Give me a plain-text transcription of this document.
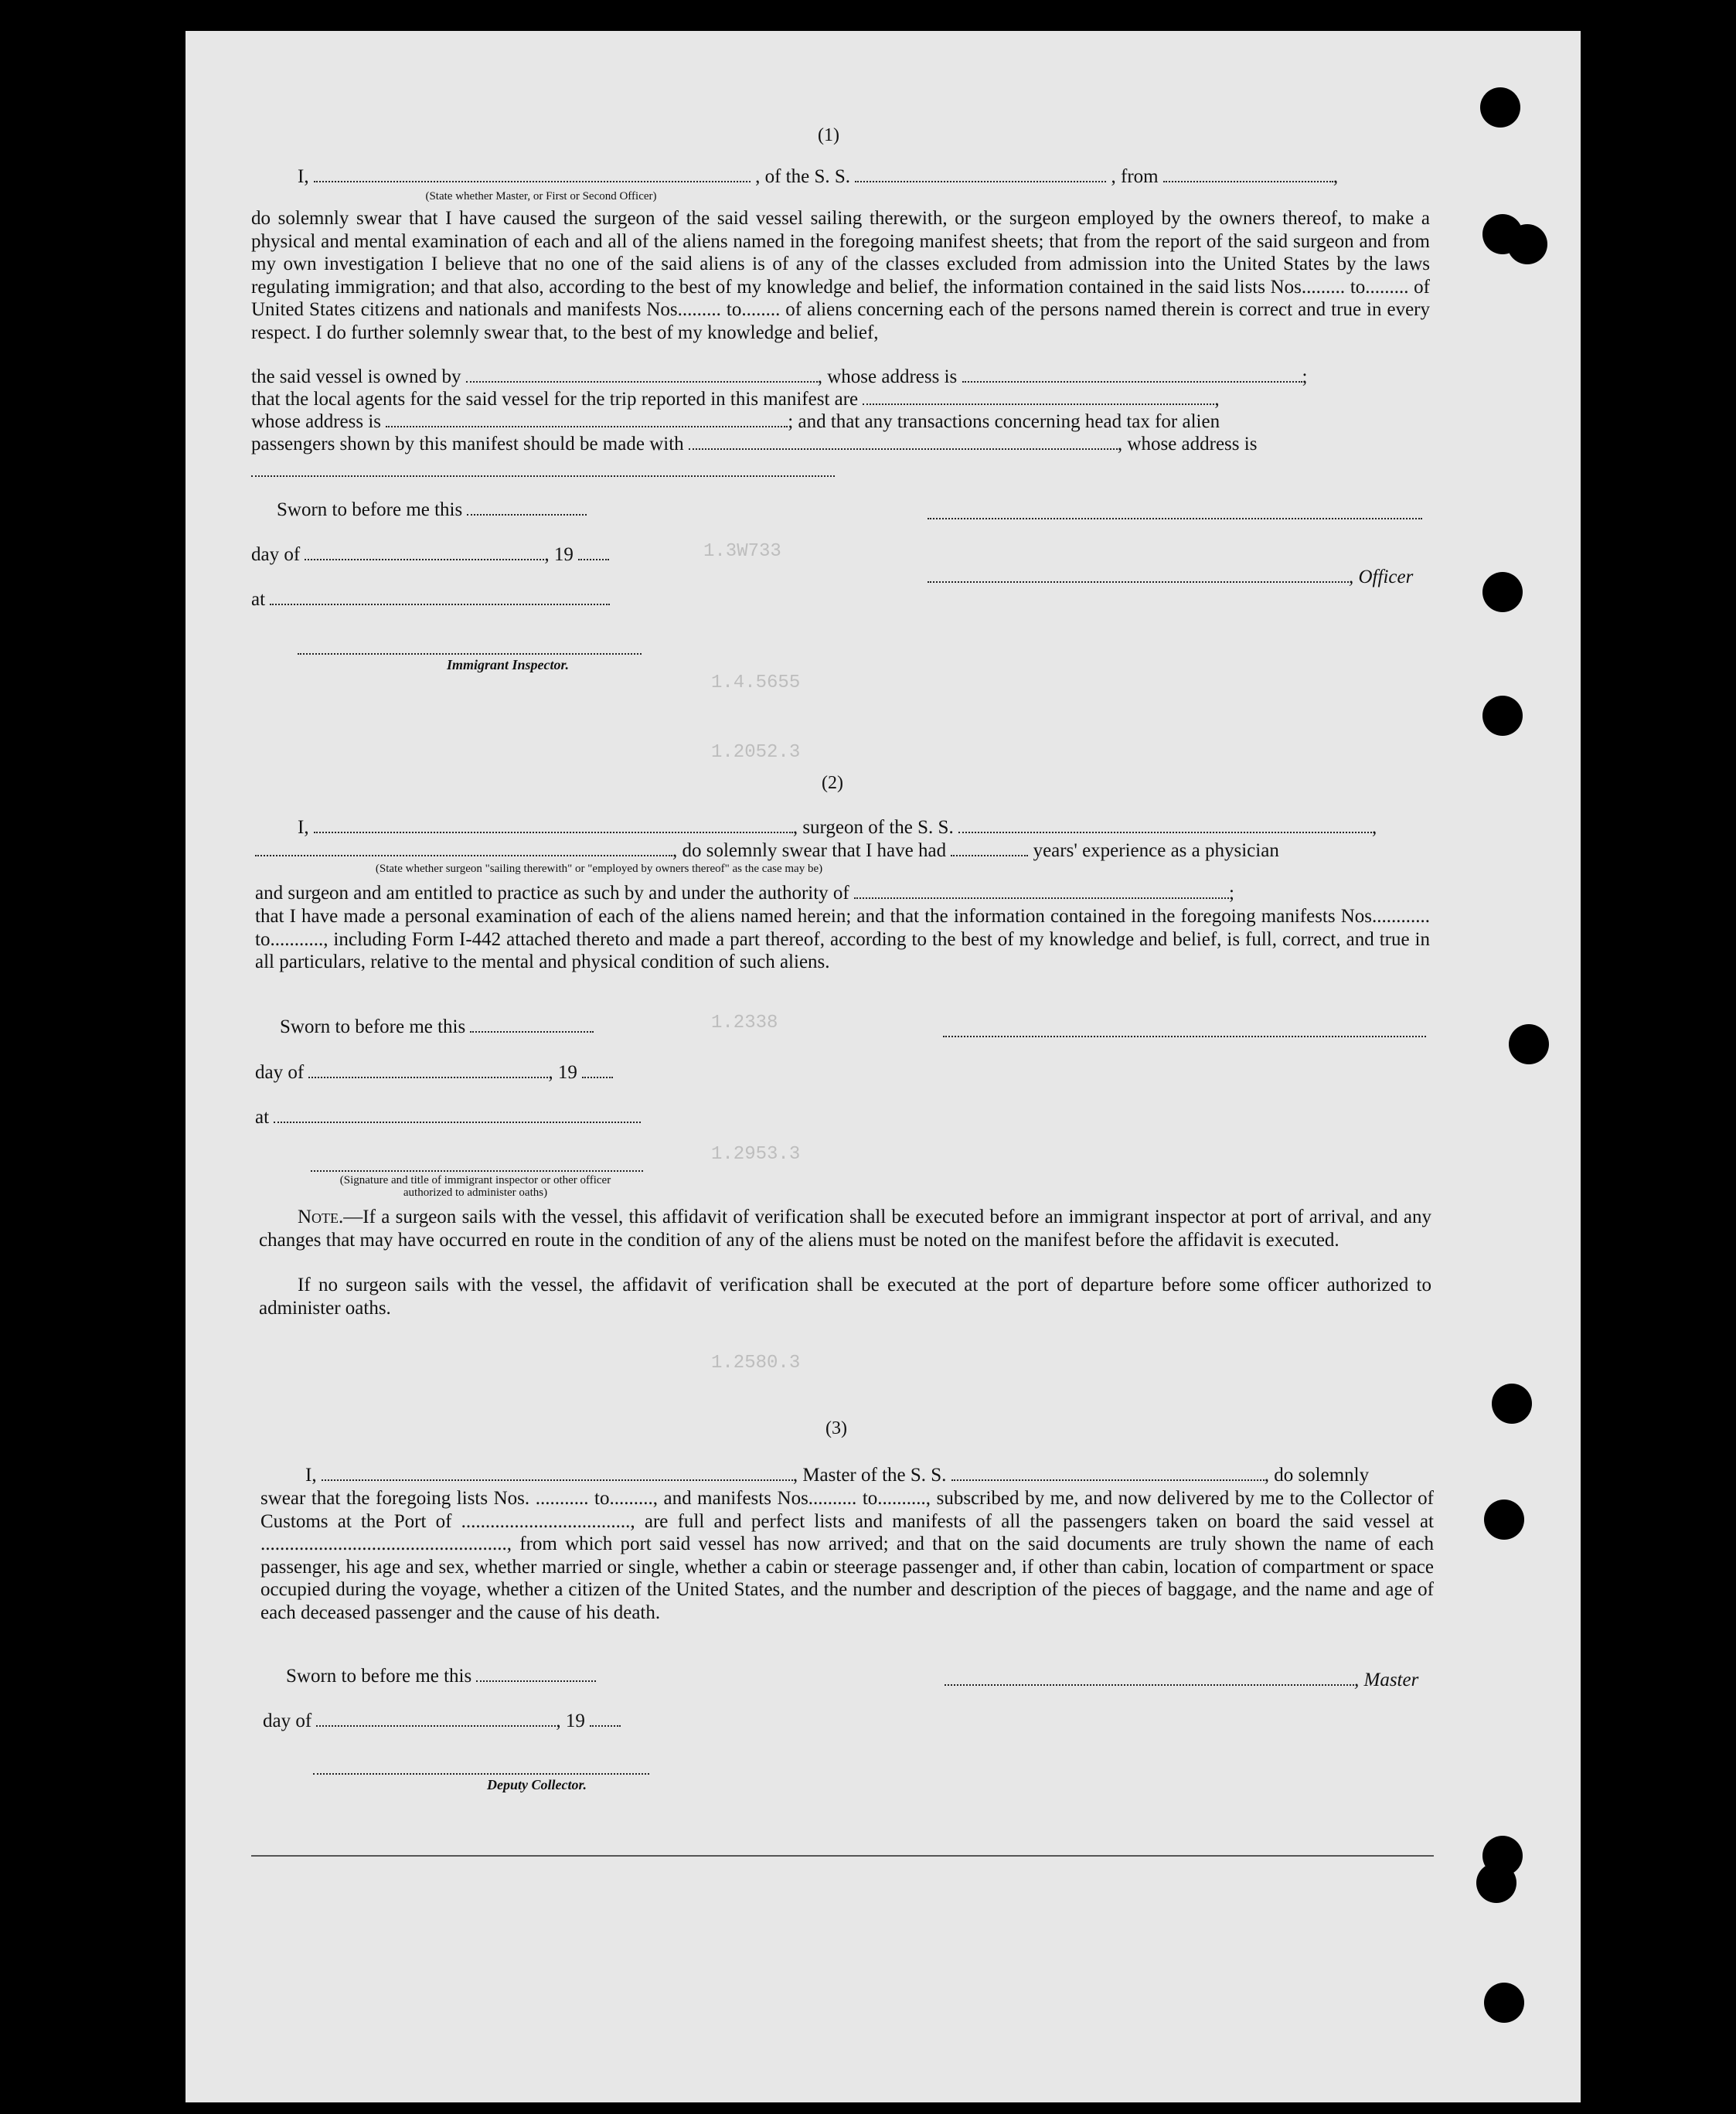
1.3W733
1.4.5655
1.2052.3
1.2338
1.2953.3
1.2580.3
(1)
I,	, of the S. S.	, from	,
(State whether Master, or First or Second Officer)
do solemnly swear that I have caused the surgeon of the said vessel sailing therewith, or the surgeon employed by the owners thereof, to make a physical and mental examination of each and all of the aliens named in the foregoing manifest sheets; that from the report of the said surgeon and from my own investigation I believe that no one of the said aliens is of any of the classes excluded from admission into the United States by the laws regulating immigration; and that also, according to the best of my knowledge and belief, the information contained in the said lists Nos......... to......... of United States citizens and nationals and manifests Nos......... to........ of aliens concerning each of the persons named therein is correct and true in every respect. I do further solemnly swear that, to the best of my knowledge and belief,
the said vessel is owned by	, whose address is	;
that the local agents for the said vessel for the trip reported in this manifest are	,
whose address is	; and that any transactions concerning head tax for alien
passengers shown by this manifest should be made with	, whose address is
Sworn to before me this
day of	, 19
, Officer
at
Immigrant Inspector.
(2)
I,	, surgeon of the S. S.	,
, do solemnly swear that I have had	years' experience as a physician
(State whether surgeon "sailing therewith" or "employed by owners thereof" as the case may be)
and surgeon and am entitled to practice as such by and under the authority of	;
that I have made a personal examination of each of the aliens named herein; and that the information contained in the foregoing manifests Nos............ to..........., including Form I-442 attached thereto and made a part thereof, according to the best of my knowledge and belief, is full, correct, and true in all particulars, relative to the mental and physical condition of such aliens.
Sworn to before me this
day of	, 19
at
(Signature and title of immigrant inspector or other officer authorized to administer oaths)
Note.—If a surgeon sails with the vessel, this affidavit of verification shall be executed before an immigrant inspector at port of arrival, and any changes that may have occurred en route in the condition of any of the aliens must be noted on the manifest before the affidavit is executed.
If no surgeon sails with the vessel, the affidavit of verification shall be executed at the port of departure before some officer authorized to administer oaths.
(3)
I,	, Master of the S. S.	, do solemnly
swear that the foregoing lists Nos. ........... to........., and manifests Nos.......... to.........., subscribed by me, and now delivered by me to the Collector of Customs at the Port of ..................................., are full and perfect lists and manifests of all the passengers taken on board the said vessel at ..................................................., from which port said vessel has now arrived; and that on the said documents are truly shown the name of each passenger, his age and sex, whether married or single, whether a cabin or steerage passenger and, if other than cabin, location of compartment or space occupied during the voyage, whether a citizen of the United States, and the number and description of the pieces of baggage, and the name and age of each deceased passenger and the cause of his death.
Sworn to before me this	, Master
day of	, 19
Deputy Collector.
